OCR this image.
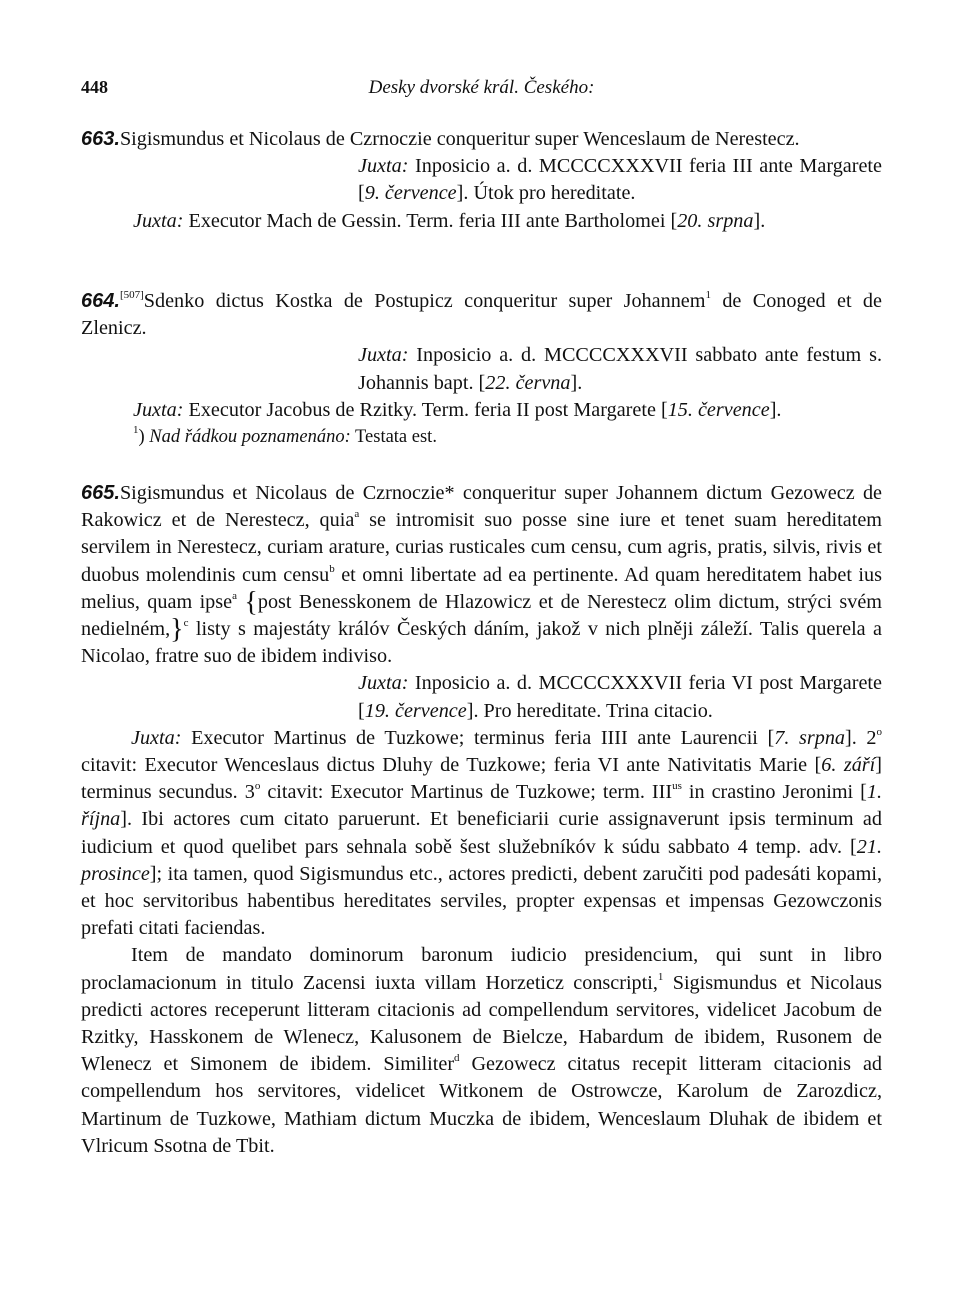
448	Desky dvorské král. Českého:

663.Sigismundus et Nicolaus de Czrnoczie conqueritur super Wenceslaum de Nerestecz.

Juxta: Inposicio a. d. MCCCCXXXVII feria III ante Margarete [9. července]. Útok pro hereditate.

Juxta: Executor Mach de Gessin. Term. feria III ante Bartholomei [20. srpna].

664.[507]Sdenko dictus Kostka de Postupicz conqueritur super Johannem$^1$ de Conoged et de Zlenicz.

Juxta: Inposicio a. d. MCCCCXXXVII sabbato ante festum s. Johannis bapt. [22. června].

Juxta: Executor Jacobus de Rzitky. Term. feria II post Margarete [15. července].

$^1$) Nad řádkou poznamenáno: Testata est.

665.Sigismundus et Nicolaus de Czrnoczie* conqueritur super Johannem dictum Gezowecz de Rakowicz et de Nerestecz, quia$^a$ se intromisit suo posse sine iure et tenet suam hereditatem servilem in Nerestecz, curiam arature, curias rusticales cum censu, cum agris, pratis, silvis, rivis et duobus molendinis cum censu$^b$ et omni libertate ad ea pertinente. Ad quam hereditatem habet ius melius, quam ipse$^a$ {post Benesskonem de Hlazowicz et de Nerestecz olim dictum, strýci svém nedielném,}$^c$ listy s majestáty králóv Českých dáním, jakož v nich plněji záleží. Talis querela a Nicolao, fratre suo de ibidem indiviso.

Juxta: Inposicio a. d. MCCCCXXXVII feria VI post Margarete [19. července]. Pro hereditate. Trina citacio.

Juxta: Executor Martinus de Tuzkowe; terminus feria IIII ante Laurencii [7. srpna]. 2$^o$ citavit: Executor Wenceslaus dictus Dluhy de Tuzkowe; feria VI ante Nativitatis Marie [6. září] terminus secundus. 3$^o$ citavit: Executor Martinus de Tuzkowe; term. $III^{us}$ in crastino Jeronimi [1. října]. Ibi actores cum citato paruerunt. Et beneficiarii curie assignaverunt ipsis terminum ad iudicium et quod quelibet pars sehnala sobě šest služebníkóv k súdu sabbato 4 temp. adv. [21. prosince]; ita tamen, quod Sigismundus etc., actores predicti, debent zaručiti pod padesáti kopami, et hoc servitoribus habentibus hereditates serviles, propter expensas et impensas Gezowczonis prefati citati faciendas.

Item de mandato dominorum baronum iudicio presidencium, qui sunt in libro proclamacionum in titulo Zacensi iuxta villam Horzeticz conscripti,$^1$ Sigismundus et Nicolaus predicti actores receperunt litteram citacionis ad compellendum servitores, videlicet Jacobum de Rzitky, Hasskonem de Wlenecz, Kalusonem de Bielcze, Habardum de ibidem, Rusonem de Wlenecz et Simonem de ibidem. Similiter$^d$ Gezowecz citatus recepit litteram citacionis ad compellendum hos servitores, videlicet Witkonem de Ostrowcze, Karolum de Zarozdicz, Martinum de Tuzkowe, Mathiam dictum Muczka de ibidem, Wenceslaum Dluhak de ibidem et Vlricum Ssotna de Tbit.
